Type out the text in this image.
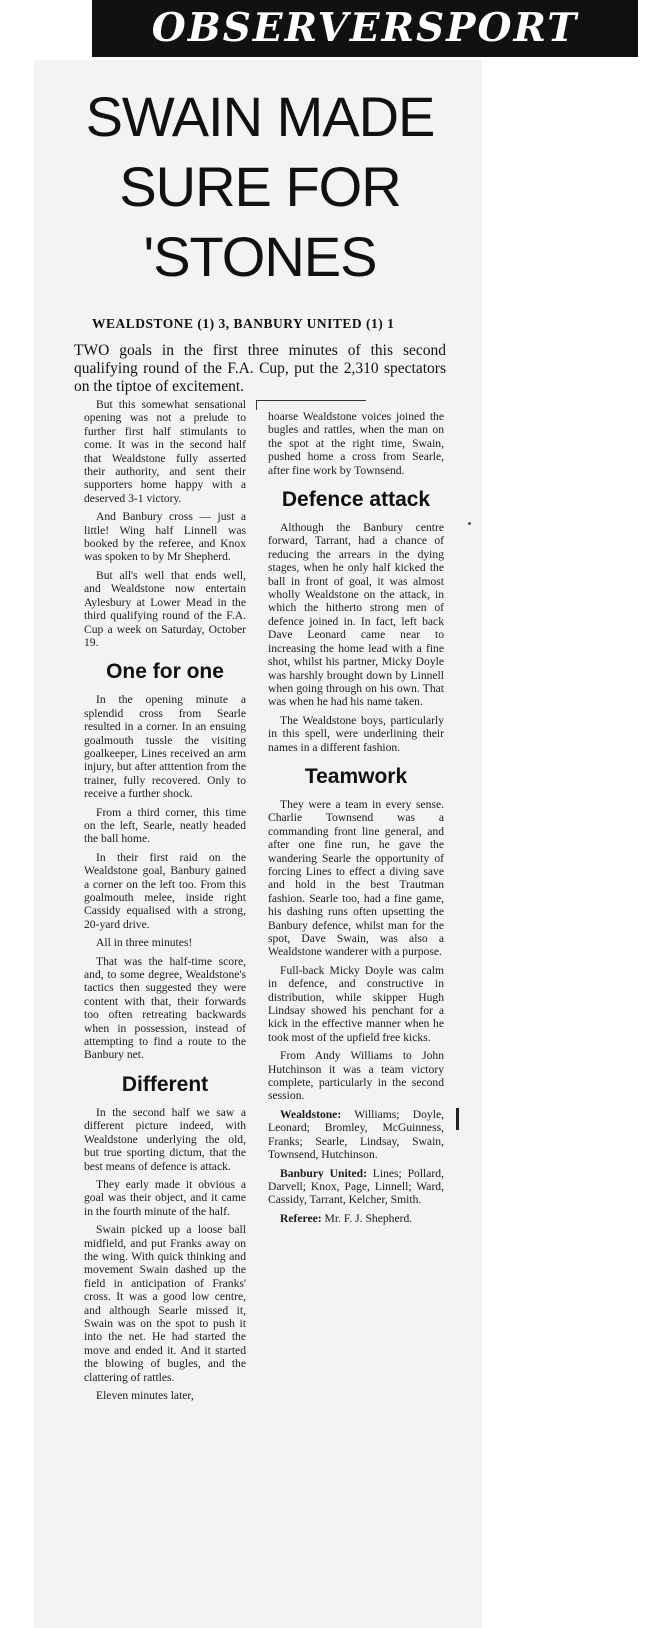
OBSERVERSPORT
SWAIN MADE
SURE FOR
'STONES
WEALDSTONE (1) 3, BANBURY UNITED (1) 1
TWO goals in the first three minutes of this second qualifying round of the F.A. Cup, put the 2,310 spectators on the tiptoe of excitement.

But this somewhat sensational opening was not a prelude to further first half stimulants to come. It was in the second half that Wealdstone fully asserted their authority, and sent their supporters home happy with a deserved 3-1 victory.

And Banbury cross — just a little! Wing half Linnell was booked by the referee, and Knox was spoken to by Mr Shepherd.

But all's well that ends well, and Wealdstone now entertain Aylesbury at Lower Mead in the third qualifying round of the F.A. Cup a week on Saturday, October 19.

One for one

In the opening minute a splendid cross from Searle resulted in a corner. In an ensuing goalmouth tussle the visiting goalkeeper, Lines received an arm injury, but after atttention from the trainer, fully recovered. Only to receive a further shock.

From a third corner, this time on the left, Searle, neatly headed the ball home.

In their first raid on the Wealdstone goal, Banbury gained a corner on the left too. From this goalmouth melee, inside right Cassidy equalised with a strong, 20-yard drive.

All in three minutes!

That was the half-time score, and, to some degree, Wealdstone's tactics then suggested they were content with that, their forwards too often retreating backwards when in possession, instead of attempting to find a route to the Banbury net.

Different

In the second half we saw a different picture indeed, with Wealdstone underlying the old, but true sporting dictum, that the best means of defence is attack.

They early made it obvious a goal was their object, and it came in the fourth minute of the half.

Swain picked up a loose ball midfield, and put Franks away on the wing. With quick thinking and movement Swain dashed up the field in anticipation of Franks' cross. It was a good low centre, and although Searle missed it, Swain was on the spot to push it into the net. He had started the move and ended it. And it started the blowing of bugles, and the clattering of rattles.

Eleven minutes later,

hoarse Wealdstone voices joined the bugles and rattles, when the man on the spot at the right time, Swain, pushed home a cross from Searle, after fine work by Townsend.

Defence attack

Although the Banbury centre forward, Tarrant, had a chance of reducing the arrears in the dying stages, when he only half kicked the ball in front of goal, it was almost wholly Wealdstone on the attack, in which the hitherto strong men of defence joined in. In fact, left back Dave Leonard came near to increasing the home lead with a fine shot, whilst his partner, Micky Doyle was harshly brought down by Linnell when going through on his own. That was when he had his name taken.

The Wealdstone boys, particularly in this spell, were underlining their names in a different fashion.

Teamwork

They were a team in every sense. Charlie Townsend was a commanding front line general, and after one fine run, he gave the wandering Searle the opportunity of forcing Lines to effect a diving save and hold in the best Trautman fashion. Searle too, had a fine game, his dashing runs often upsetting the Banbury defence, whilst man for the spot, Dave Swain, was also a Wealdstone wanderer with a purpose.

Full-back Micky Doyle was calm in defence, and constructive in distribution, while skipper Hugh Lindsay showed his penchant for a kick in the effective manner when he took most of the upfield free kicks.

From Andy Williams to John Hutchinson it was a team victory complete, particularly in the second session.

Wealdstone: Williams; Doyle, Leonard; Bromley, McGuinness, Franks; Searle, Lindsay, Swain, Townsend, Hutchinson.

Banbury United: Lines; Pollard, Darvell; Knox, Page, Linnell; Ward, Cassidy, Tarrant, Kelcher, Smith.

Referee: Mr. F. J. Shepherd.
